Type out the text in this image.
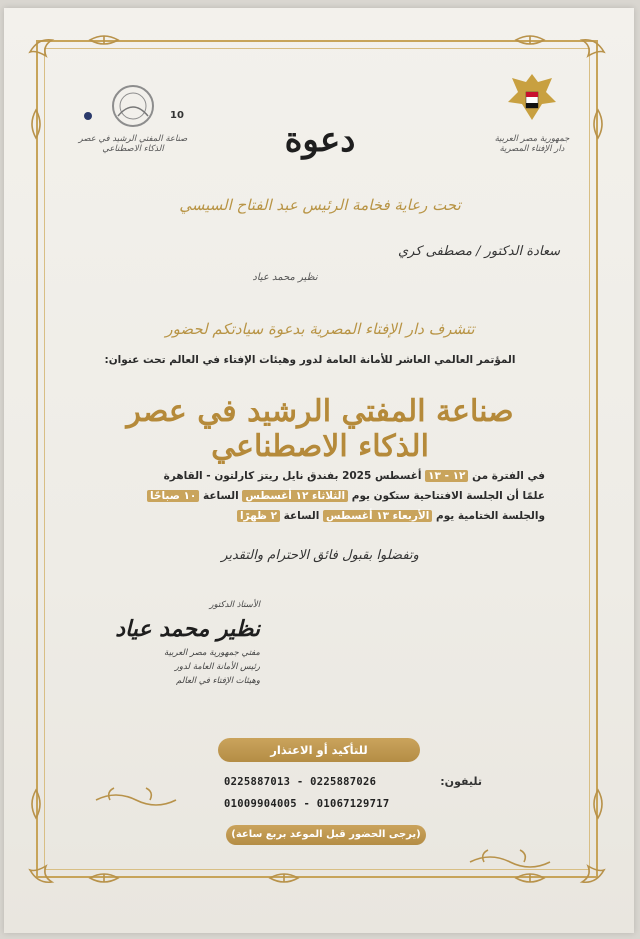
10
صناعة المفتي الرشيد في عصر الذكاء الاصطناعي
جمهورية مصر العربية دار الإفتاء المصرية
دعوة
تحت رعاية فخامة الرئيس عبد الفتاح السيسي
سعادة الدكتور / مصطفى كري
نظير محمد عياد
تتشرف دار الإفتاء المصرية بدعوة سيادتكم لحضور
المؤتمر العالمي العاشر للأمانة العامة لدور وهيئات الإفتاء في العالم تحت عنوان:
صناعة المفتي الرشيد في عصر الذكاء الاصطناعي
في الفترة من ١٢ - ١٣ أغسطس 2025 بفندق نايل ريتز كارلتون - القاهرة
علمًا أن الجلسة الافتتاحية ستكون يوم الثلاثاء ١٢ أغسطس الساعة ١٠ صباحًا
والجلسة الختامية يوم الأربعاء ١٣ أغسطس الساعة ٢ ظهرًا
وتفضلوا بقبول فائق الاحترام والتقدير
الأستاذ الدكتور
نظير محمد عياد
مفتي جمهورية مصر العربية
رئيس الأمانة العامة لدور
وهيئات الإفتاء في العالم
للتأكيد أو الاعتذار
تليفون:
0225887013 - 0225887026
01009904005 - 01067129717
(يرجى الحضور قبل الموعد بربع ساعة)
